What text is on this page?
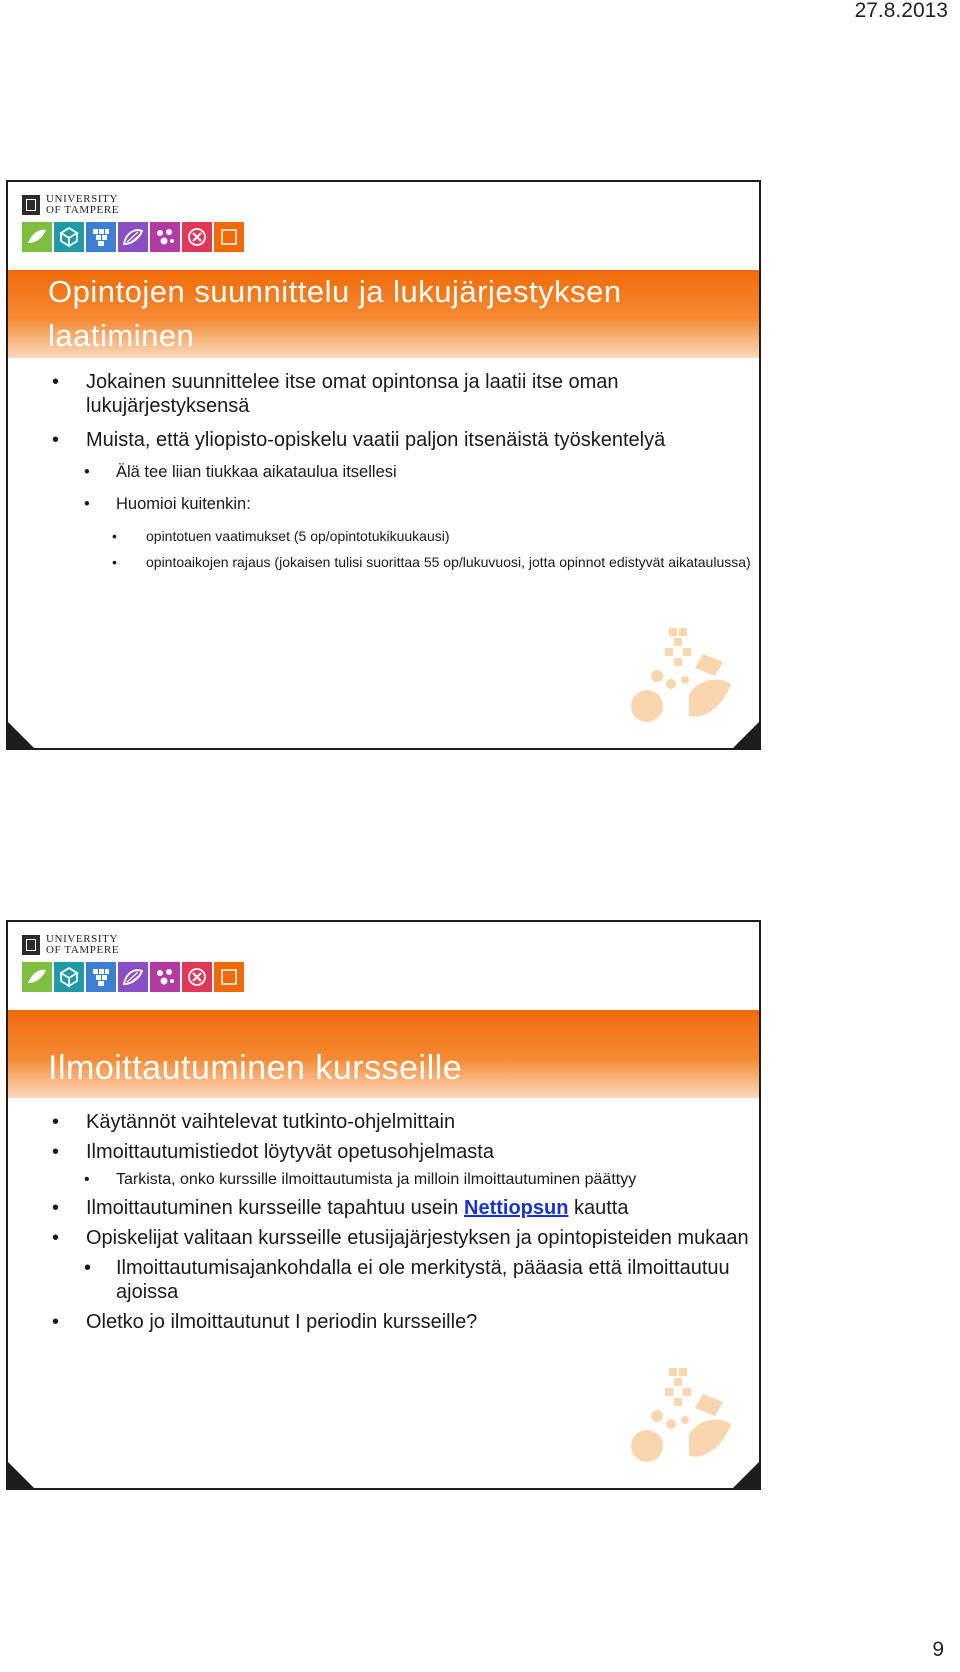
27.8.2013
UNIVERSITY
OF TAMPERE
Opintojen suunnittelu ja lukujärjestyksen
laatiminen
• Jokainen suunnittelee itse omat opintonsa ja laatii itse oman lukujärjestyksensä
• Muista, että yliopisto-opiskelu vaatii paljon itsenäistä työskentelyä
• Älä tee liian tiukkaa aikataulua itsellesi
• Huomioi kuitenkin:
• opintotuen vaatimukset (5 op/opintotukikuukausi)
• opintoaikojen rajaus (jokaisen tulisi suorittaa 55 op/lukuvuosi, jotta opinnot edistyvät aikataulussa)
UNIVERSITY
OF TAMPERE
Ilmoittautuminen kursseille
• Käytännöt vaihtelevat tutkinto-ohjelmittain
• Ilmoittautumistiedot löytyvät opetusohjelmasta
• Tarkista, onko kurssille ilmoittautumista ja milloin ilmoittautuminen päättyy
• Ilmoittautuminen kursseille tapahtuu usein Nettiopsun kautta
• Opiskelijat valitaan kursseille etusijajärjestyksen ja opintopisteiden mukaan
• Ilmoittautumisajankohdalla ei ole merkitystä, pääasia että ilmoittautuu ajoissa
• Oletko jo ilmoittautunut I periodin kursseille?
9
